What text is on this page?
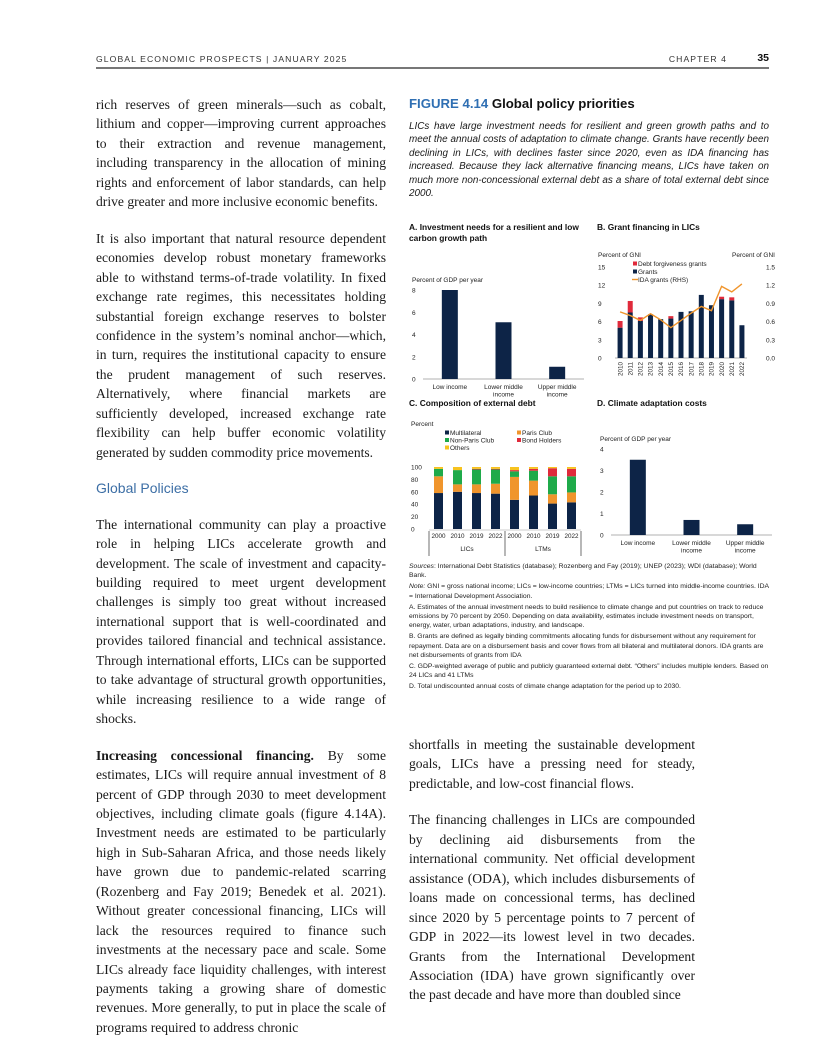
GLOBAL ECONOMIC PROSPECTS | JANUARY 2025	CHAPTER 4	35

rich reserves of green minerals—such as cobalt, lithium and copper—improving current approaches to their extraction and revenue management, including transparency in the allocation of mining rights and enforcement of labor standards, can help drive greater and more inclusive economic benefits.

It is also important that natural resource dependent economies develop robust monetary frameworks able to withstand terms-of-trade volatility. In fixed exchange rate regimes, this necessitates holding substantial foreign exchange reserves to bolster confidence in the system’s nominal anchor—which, in turn, requires the institutional capacity to ensure the prudent management of such reserves. Alternatively, where financial markets are sufficiently developed, increased exchange rate flexibility can help buffer economic volatility generated by sudden commodity price movements.

Global Policies

The international community can play a proactive role in helping LICs accelerate growth and development. The scale of investment and capacity-building required to meet urgent development challenges is simply too great without increased international support that is well-coordinated and provides tailored financial and technical assistance. Through international efforts, LICs can be supported to take advantage of structural growth opportunities, while increasing resilience to a wide range of shocks.

Increasing concessional financing. By some estimates, LICs will require annual investment of 8 percent of GDP through 2030 to meet development objectives, including climate goals (figure 4.14A). Investment needs are estimated to be particularly high in Sub-Saharan Africa, and those needs likely have grown due to pandemic-related scarring (Rozenberg and Fay 2019; Benedek et al. 2021). Without greater concessional financing, LICs will lack the resources required to finance such investments at the necessary pace and scale. Some LICs already face liquidity challenges, with interest payments taking a growing share of domestic revenues. More generally, to put in place the scale of programs required to address chronic

FIGURE 4.14 Global policy priorities
LICs have large investment needs for resilient and green growth paths and to meet the annual costs of adaptation to climate change. Grants have recently been declining in LICs, with declines faster since 2020, even as IDA financing has increased. Because they lack alternative financing means, LICs have taken on much more non-concessional external debt as a share of total external debt since 2000.
A. Investment needs for a resilient and low carbon growth path
Percent of GDP per year
0
2
4
6
8
Low income	Lower middle
income
Upper middle
income
B. Grant financing in LICs
Percent of GNI	Percent of GNI
0
3
6
9
12
15
0.0
0.3
0.6
0.9
1.2
1.5
2010 2011 2012 2013 2014 2015 2016 2017 2018 2019 2020 2021 2022
Debt forgiveness grants
Grants
IDA grants (RHS)
C. Composition of external debt
Percent
0
20
40
60
80
100
2000 2010 2019 2022 2000 2010 2019 2022
LICs	LTMs
Multilateral	Paris Club
Non-Paris Club	Bond Holders
Others
D. Climate adaptation costs
Percent of GDP per year
0
1
2
3
4
Low income	Lower middle
income
Upper middle
income
Sources: International Debt Statistics (database); Rozenberg and Fay (2019); UNEP (2023); WDI (database); World Bank.
Note: GNI = gross national income; LICs = low-income countries; LTMs = LICs turned into middle-income countries. IDA = International Development Association.
A. Estimates of the annual investment needs to build resilience to climate change and put countries on track to reduce emissions by 70 percent by 2050. Depending on data availability, estimates include investment needs on transport, energy, water, urban adaptations, industry, and landscape.
B. Grants are defined as legally binding commitments allocating funds for disbursement without any requirement for repayment. Data are on a disbursement basis and cover flows from all bilateral and multilateral donors. IDA grants are net disbursements of grants from IDA
C. GDP-weighted average of public and publicly guaranteed external debt. “Others” includes multiple lenders. Based on 24 LICs and 41 LTMs
D. Total undiscounted annual costs of climate change adaptation for the period up to 2030.

shortfalls in meeting the sustainable development goals, LICs have a pressing need for steady, predictable, and low-cost financial flows.

The financing challenges in LICs are compounded by declining aid disbursements from the international community. Net official development assistance (ODA), which includes disbursements of loans made on concessional terms, has declined since 2020 by 5 percentage points to 7 percent of GDP in 2022—its lowest level in two decades. Grants from the International Development Association (IDA) have grown significantly over the past decade and have more than doubled since
